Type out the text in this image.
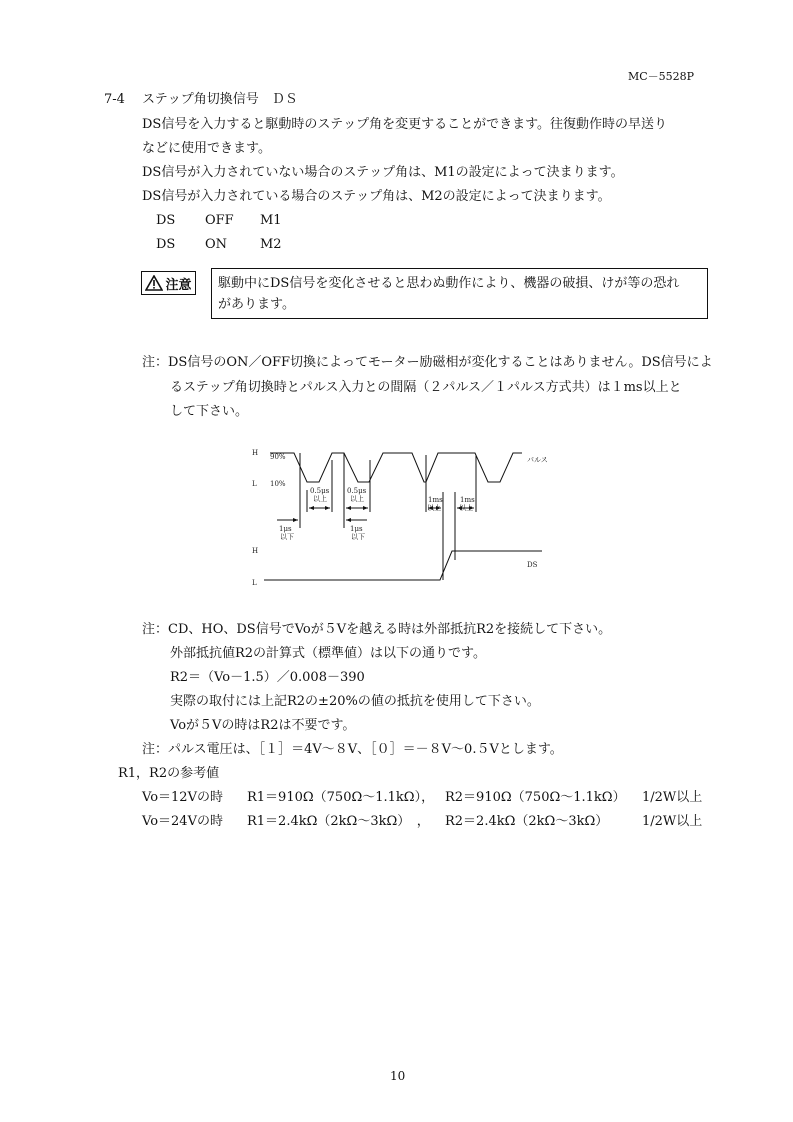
MC－5528P
7-4 ステップ角切換信号　ＤＳ
DS信号を入力すると駆動時のステップ角を変更することができます。往復動作時の早送り
などに使用できます。
DS信号が入力されていない場合のステップ角は、M1の設定によって決まります。
DS信号が入力されている場合のステップ角は、M2の設定によって決まります。
DS OFF M1
DS ON	M2
注意 駆動中にDS信号を変化させると思わぬ動作により、機器の破損、けが等の恐れ
があります。
注：DS信号のON／OFF切換によってモーター励磁相が変化することはありません。DS信号によ
るステップ角切換時とパルス入力との間隔（２パルス／１パルス方式共）は１ms以上と
して下さい。
H 90%
L 10%
パルス
0.5μs
以上
0.5μs
以上
1μs
以下
1μs
以下
1ms
以上
1ms
以上
H
L
DS
注：CD、HO、DS信号でVoが５Vを越える時は外部抵抗R2を接続して下さい。
外部抵抗値R2の計算式（標準値）は以下の通りです。
R2＝（Vo－1.5）／0.008－390
実際の取付には上記R2の±20%の値の抵抗を使用して下さい。
Voが５Vの時はR2は不要です。
注：パルス電圧は、［１］＝4V～８V、［０］＝－８V～0.５Vとします。
R1，R2の参考値
Vo＝12Vの時 R1＝910Ω（750Ω～1.1kΩ）， R2＝910Ω（750Ω～1.1kΩ） 1/2W以上
Vo＝24Vの時 R1＝2.4kΩ（2kΩ～3kΩ）　， R2＝2.4kΩ（2kΩ～3kΩ）	1/2W以上
10
